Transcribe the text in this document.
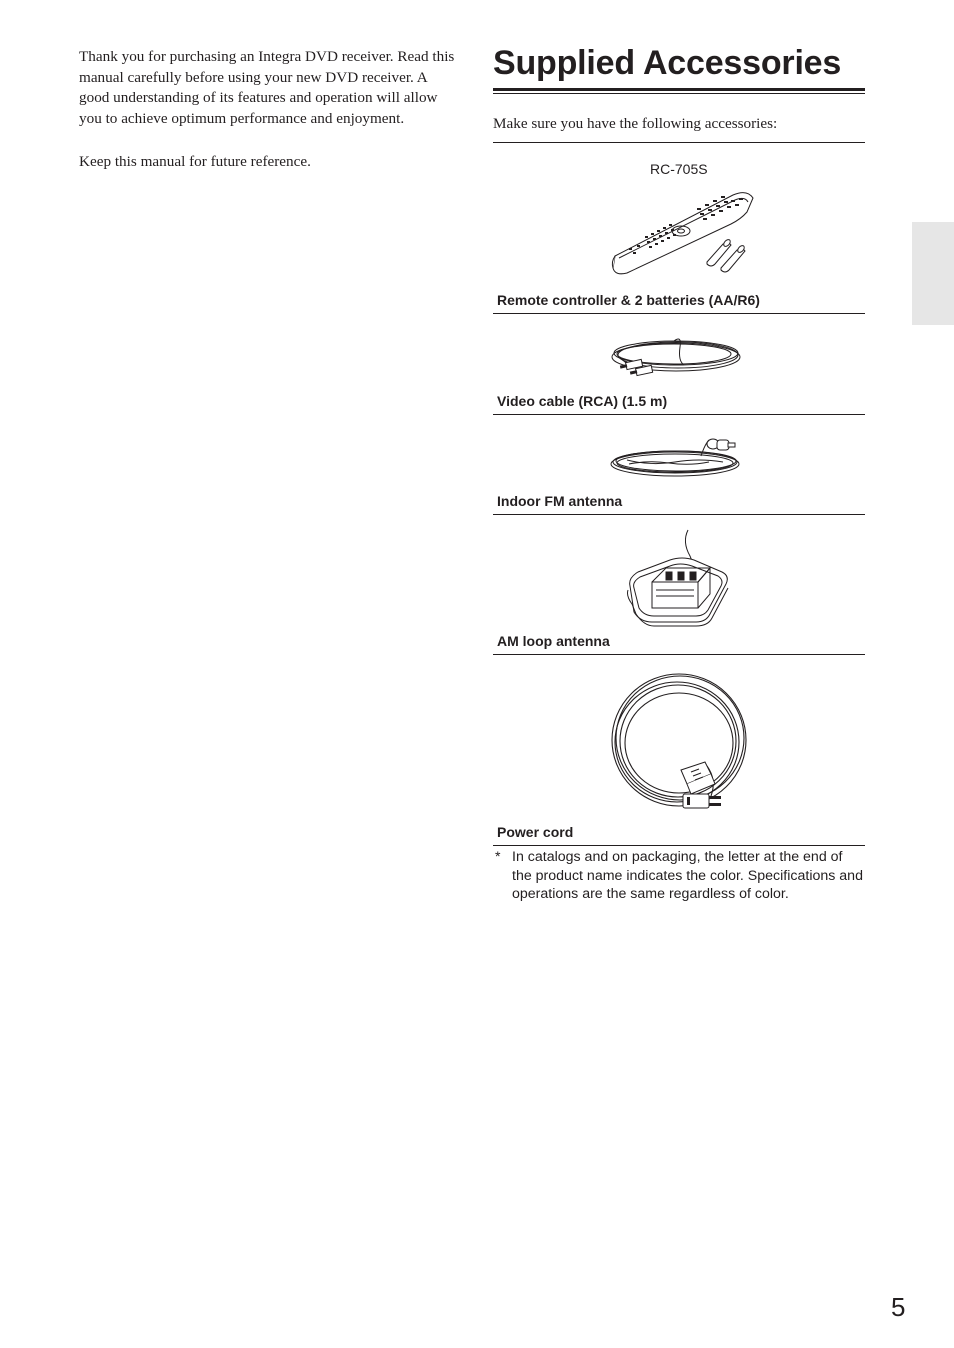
Thank you for purchasing an Integra DVD receiver. Read this manual carefully before using your new DVD receiver. A good understanding of its features and operation will allow you to achieve optimum performance and enjoyment.

Keep this manual for future reference.

Supplied Accessories
Make sure you have the following accessories:
RC-705S
Remote controller & 2 batteries (AA/R6)
Video cable (RCA) (1.5 m)
Indoor FM antenna
AM loop antenna
Power cord
* In catalogs and on packaging, the letter at the end of the product name indicates the color. Specifications and operations are the same regardless of color.
5
